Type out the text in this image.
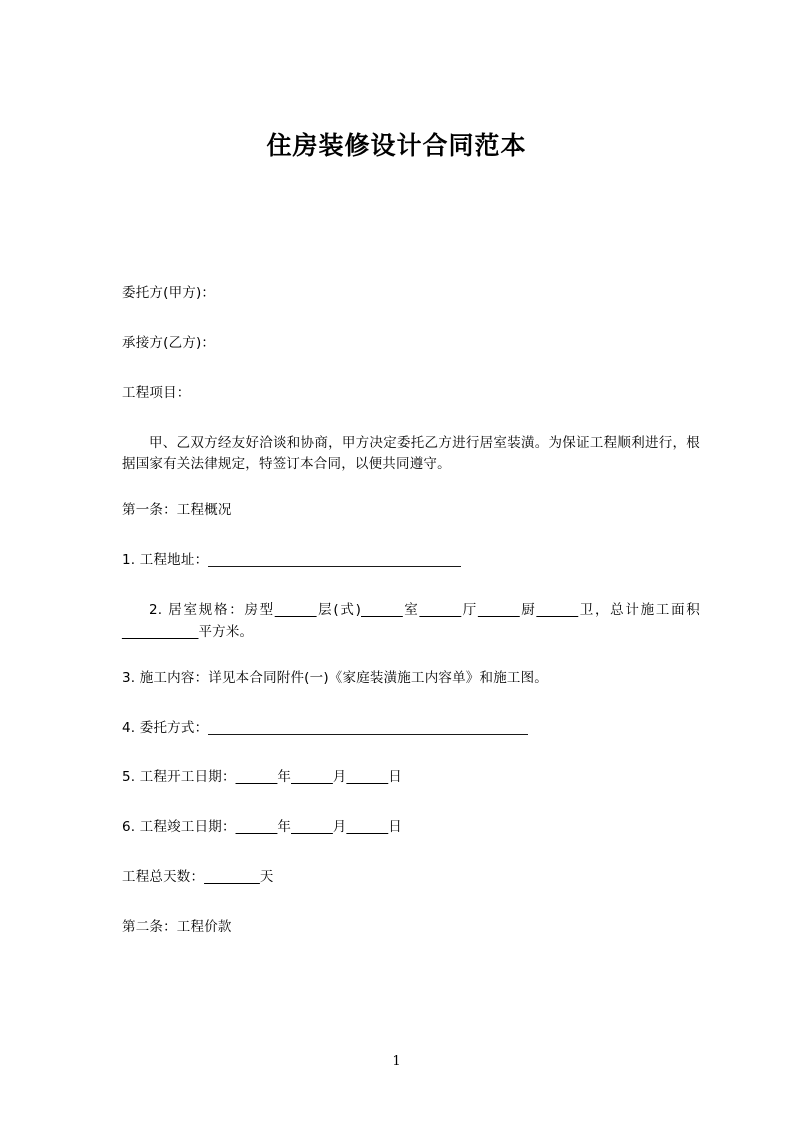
住房装修设计合同范本

委托方(甲方)：

承接方(乙方)：

工程项目：

甲、乙双方经友好洽谈和协商，甲方决定委托乙方进行居室装潢。为保证工程顺利进行，根据国家有关法律规定，特签订本合同，以便共同遵守。

第一条：工程概况

1. 工程地址：

2. 居室规格：房型______层(式)______室______厅______厨______卫，总计施工面积___________平方米。

3. 施工内容：详见本合同附件(一)《家庭装潢施工内容单》和施工图。

4. 委托方式：

5. 工程开工日期：______年______月______日

6. 工程竣工日期：______年______月______日

工程总天数：________天

第二条：工程价款

1
